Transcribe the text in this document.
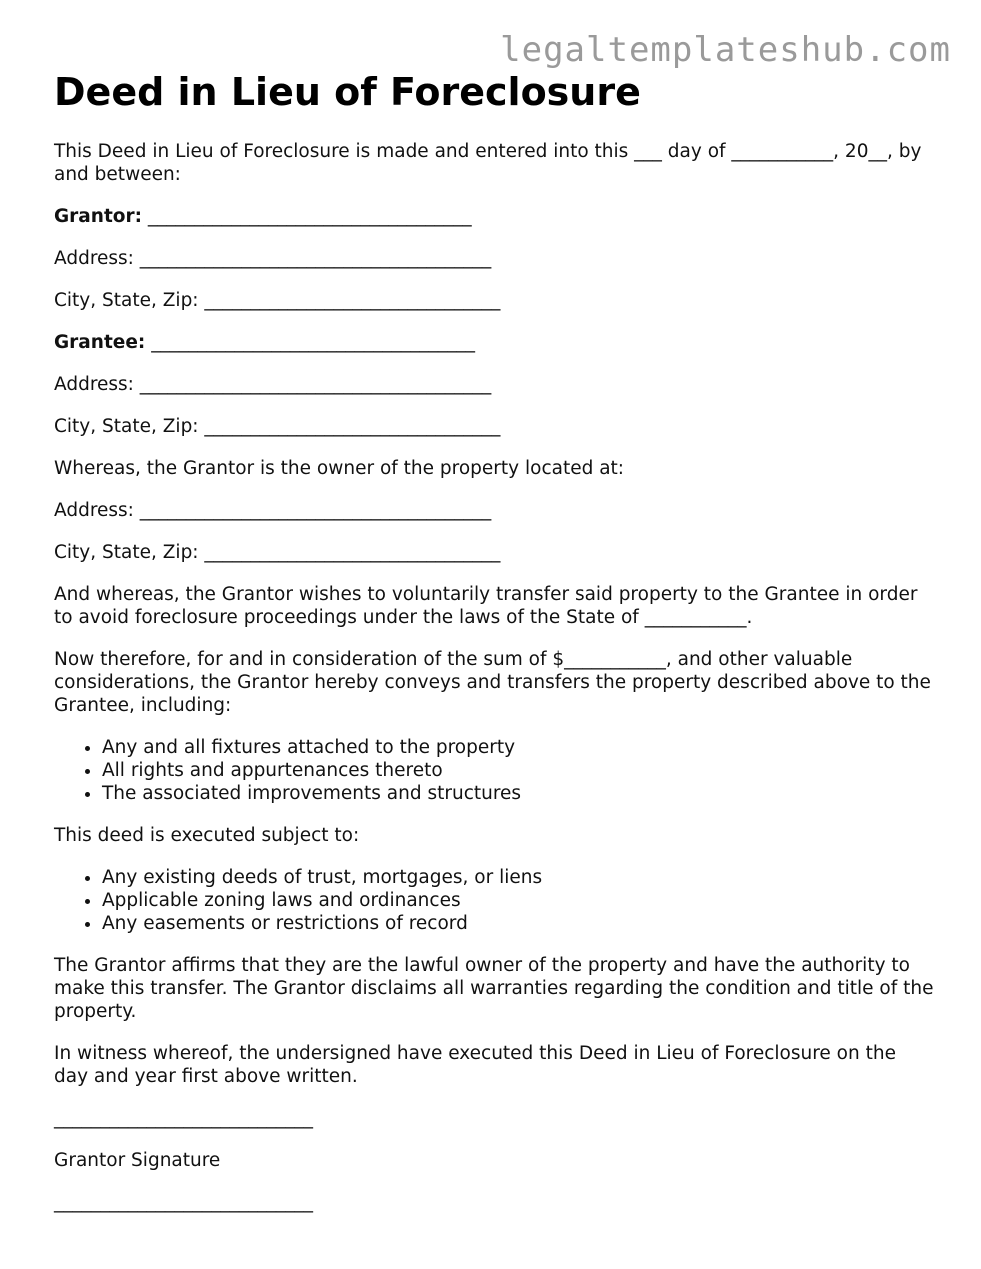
legaltemplateshub.com
Deed in Lieu of Foreclosure

This Deed in Lieu of Foreclosure is made and entered into this ___ day of ___________, 20__, by and between:

Grantor: ___________________________________
Address: ______________________________________
City, State, Zip: ________________________________
Grantee: ___________________________________
Address: ______________________________________
City, State, Zip: ________________________________

Whereas, the Grantor is the owner of the property located at:

Address: ______________________________________
City, State, Zip: ________________________________

And whereas, the Grantor wishes to voluntarily transfer said property to the Grantee in order to avoid foreclosure proceedings under the laws of the State of ___________.

Now therefore, for and in consideration of the sum of $___________, and other valuable considerations, the Grantor hereby conveys and transfers the property described above to the Grantee, including:

• Any and all fixtures attached to the property
• All rights and appurtenances thereto
• The associated improvements and structures

This deed is executed subject to:

• Any existing deeds of trust, mortgages, or liens
• Applicable zoning laws and ordinances
• Any easements or restrictions of record

The Grantor affirms that they are the lawful owner of the property and have the authority to make this transfer. The Grantor disclaims all warranties regarding the condition and title of the property.

In witness whereof, the undersigned have executed this Deed in Lieu of Foreclosure on the day and year first above written.

____________________________
Grantor Signature
____________________________
